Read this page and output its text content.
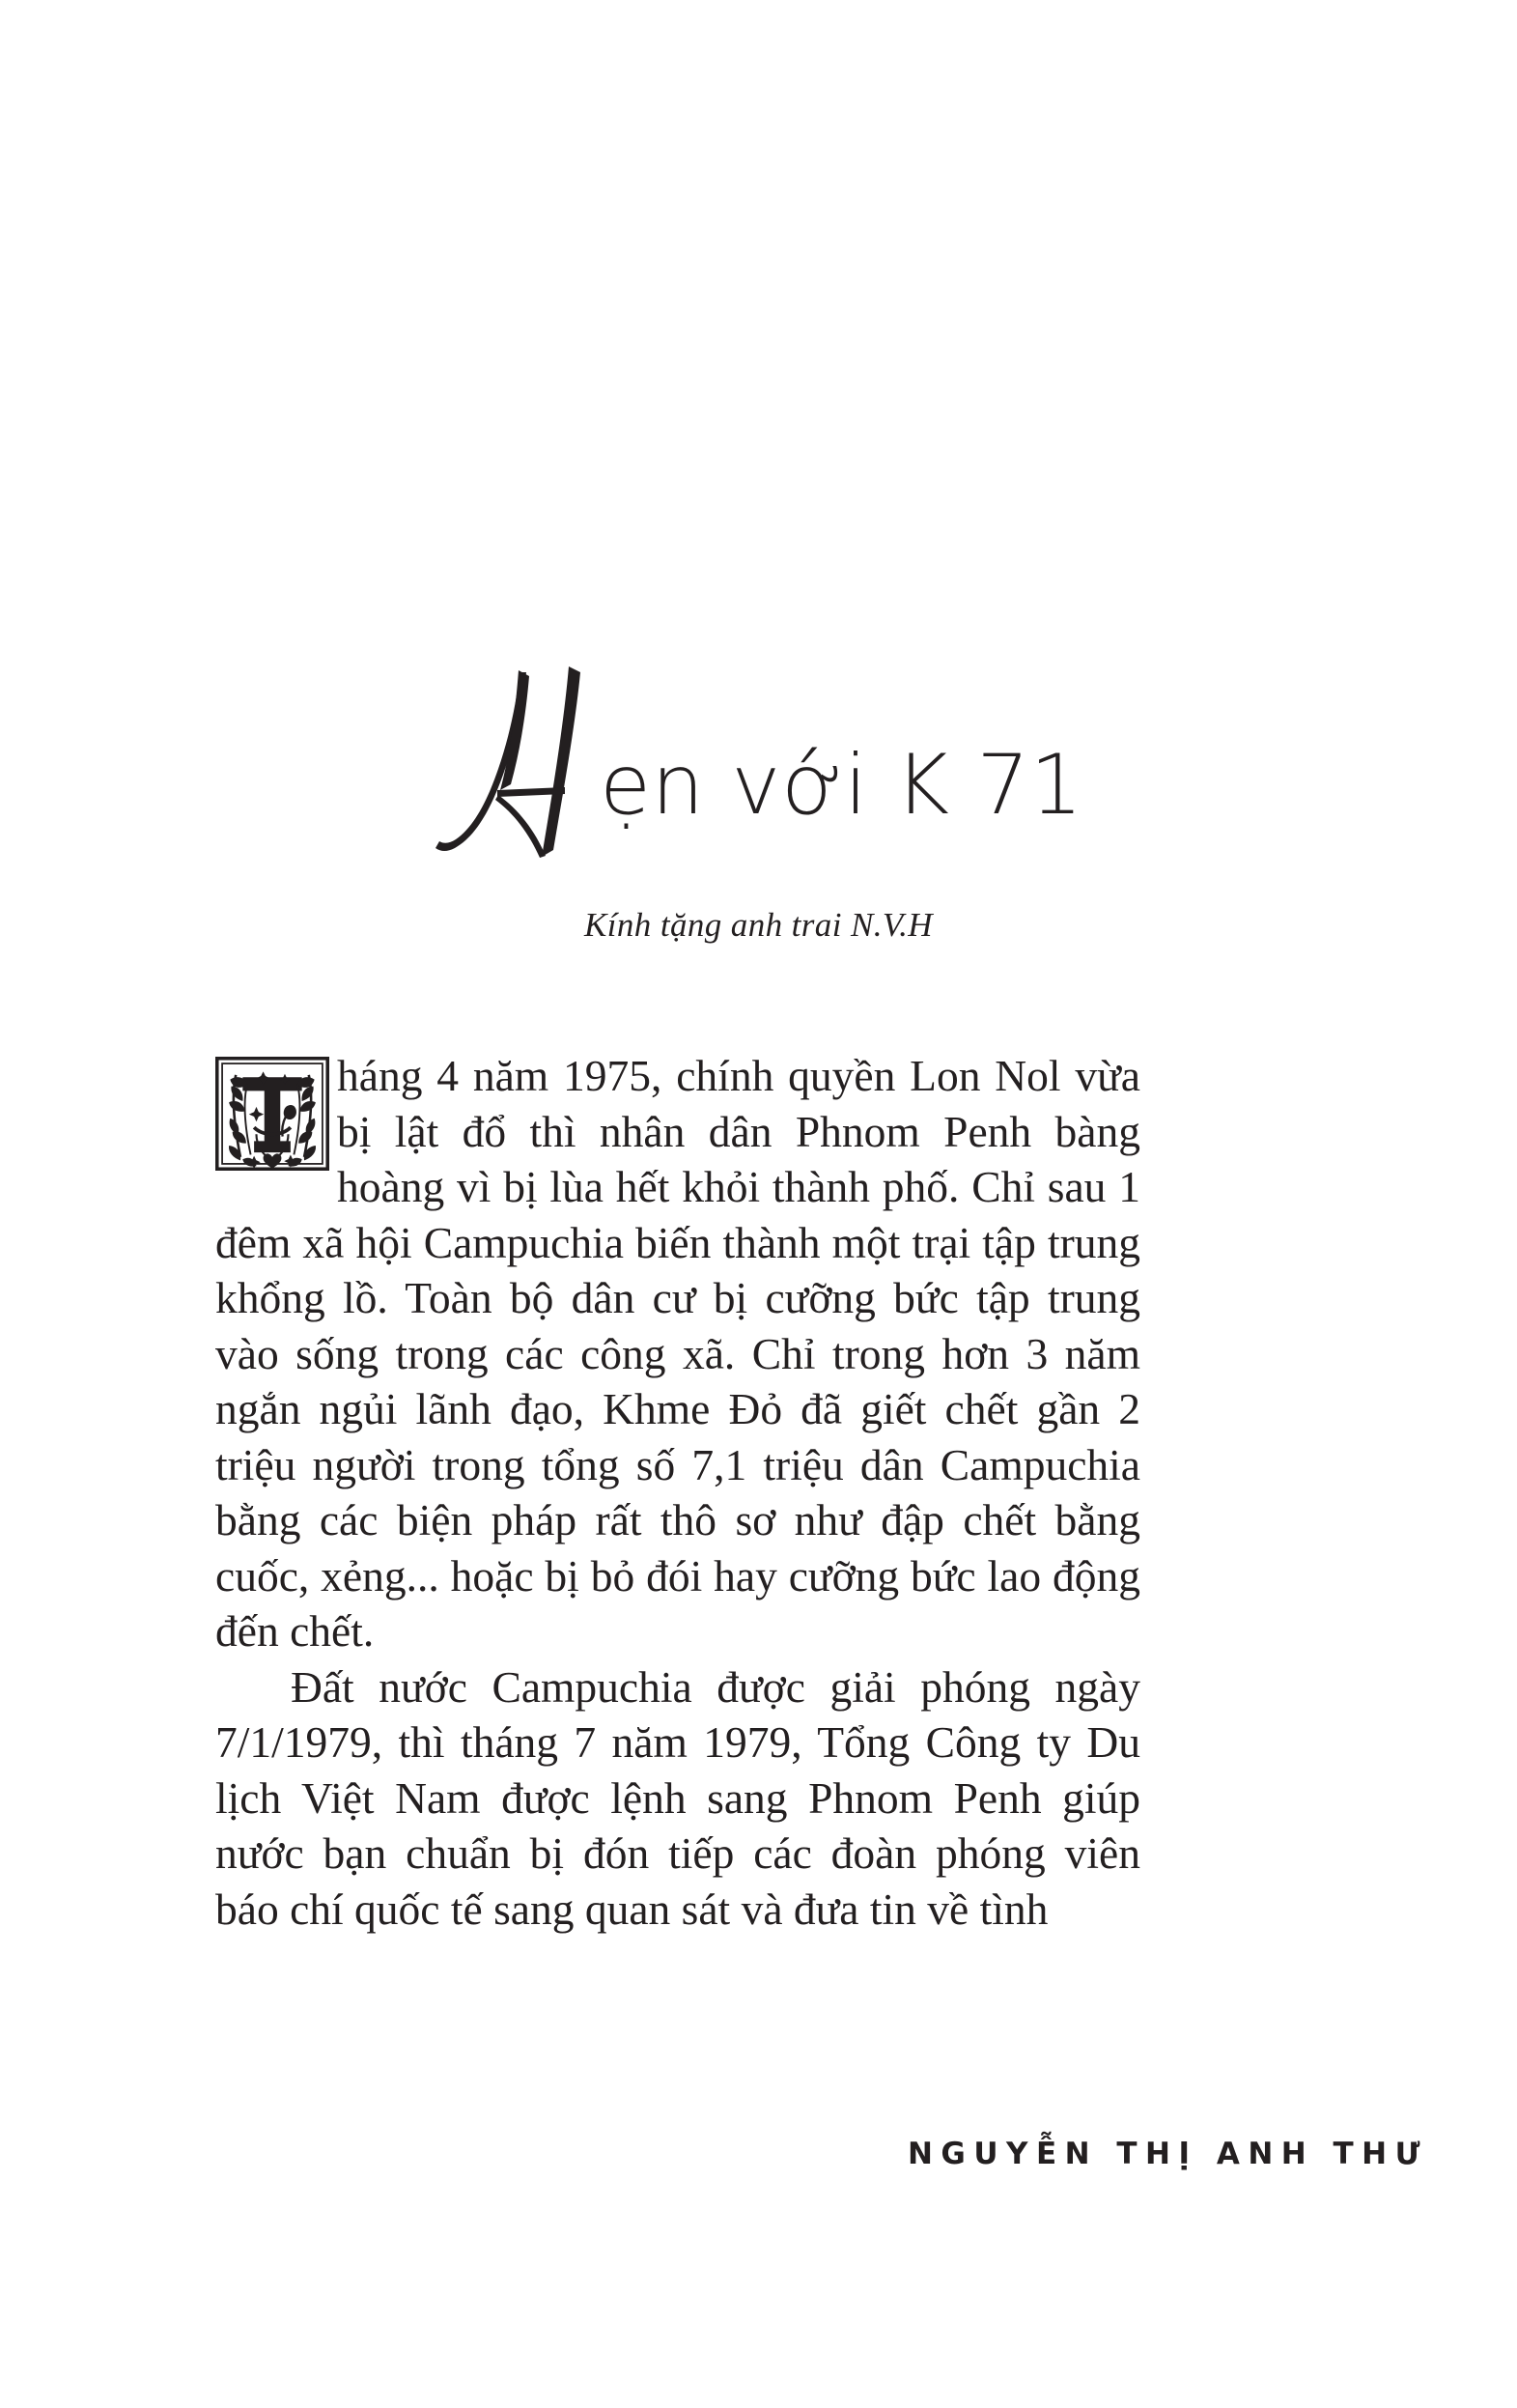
ẹn với K 71
Kính tặng anh trai N.V.H

háng 4 năm 1975, chính quyền Lon Nol vừa bị lật đổ thì nhân dân Phnom Penh bàng hoàng vì bị lùa hết khỏi thành phố. Chỉ sau 1 đêm xã hội Campuchia biến thành một trại tập trung khổng lồ. Toàn bộ dân cư bị cưỡng bức tập trung vào sống trong các công xã. Chỉ trong hơn 3 năm ngắn ngủi lãnh đạo, Khme Đỏ đã giết chết gần 2 triệu người trong tổng số 7,1 triệu dân Campuchia bằng các biện pháp rất thô sơ như đập chết bằng cuốc, xẻng... hoặc bị bỏ đói hay cưỡng bức lao động đến chết.

Đất nước Campuchia được giải phóng ngày 7/1/1979, thì tháng 7 năm 1979, Tổng Công ty Du lịch Việt Nam được lệnh sang Phnom Penh giúp nước bạn chuẩn bị đón tiếp các đoàn phóng viên báo chí quốc tế sang quan sát và đưa tin về tình

NGUYỄN THỊ ANH THƯ
